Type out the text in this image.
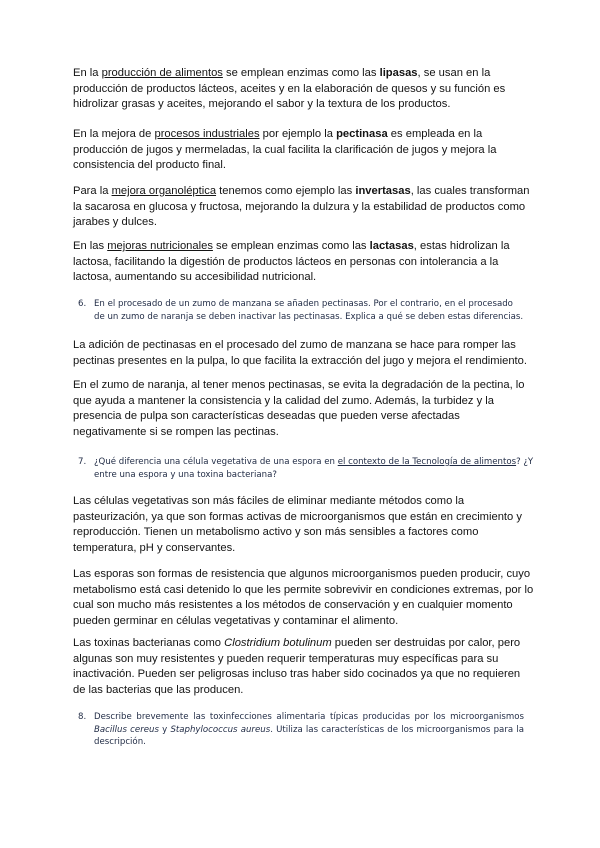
En la producción de alimentos se emplean enzimas como las lipasas, se usan en la producción de productos lácteos, aceites y en la elaboración de quesos y su función es hidrolizar grasas y aceites, mejorando el sabor y la textura de los productos.

En la mejora de procesos industriales por ejemplo la pectinasa es empleada en la producción de jugos y mermeladas, la cual facilita la clarificación de jugos y mejora la consistencia del producto final.

Para la mejora organoléptica tenemos como ejemplo las invertasas, las cuales transforman la sacarosa en glucosa y fructosa, mejorando la dulzura y la estabilidad de productos como jarabes y dulces.

En las mejoras nutricionales se emplean enzimas como las lactasas, estas hidrolizan la lactosa, facilitando la digestión de productos lácteos en personas con intolerancia a la lactosa, aumentando su accesibilidad nutricional.

6. En el procesado de un zumo de manzana se añaden pectinasas. Por el contrario, en el procesado de un zumo de naranja se deben inactivar las pectinasas. Explica a qué se deben estas diferencias.

La adición de pectinasas en el procesado del zumo de manzana se hace para romper las pectinas presentes en la pulpa, lo que facilita la extracción del jugo y mejora el rendimiento.

En el zumo de naranja, al tener menos pectinasas, se evita la degradación de la pectina, lo que ayuda a mantener la consistencia y la calidad del zumo. Además, la turbidez y la presencia de pulpa son características deseadas que pueden verse afectadas negativamente si se rompen las pectinas.

7. ¿Qué diferencia una célula vegetativa de una espora en el contexto de la Tecnología de alimentos? ¿Y entre una espora y una toxina bacteriana?

Las células vegetativas son más fáciles de eliminar mediante métodos como la pasteurización, ya que son formas activas de microorganismos que están en crecimiento y reproducción. Tienen un metabolismo activo y son más sensibles a factores como temperatura, pH y conservantes.

Las esporas son formas de resistencia que algunos microorganismos pueden producir, cuyo metabolismo está casi detenido lo que les permite sobrevivir en condiciones extremas, por lo cual son mucho más resistentes a los métodos de conservación y en cualquier momento pueden germinar en células vegetativas y contaminar el alimento.

Las toxinas bacterianas como Clostridium botulinum pueden ser destruidas por calor, pero algunas son muy resistentes y pueden requerir temperaturas muy específicas para su inactivación. Pueden ser peligrosas incluso tras haber sido cocinados ya que no requieren de las bacterias que las producen.

8. Describe brevemente las toxinfecciones alimentaria típicas producidas por los microorganismos Bacillus cereus y Staphylococcus aureus. Utiliza las características de los microorganismos para la descripción.
